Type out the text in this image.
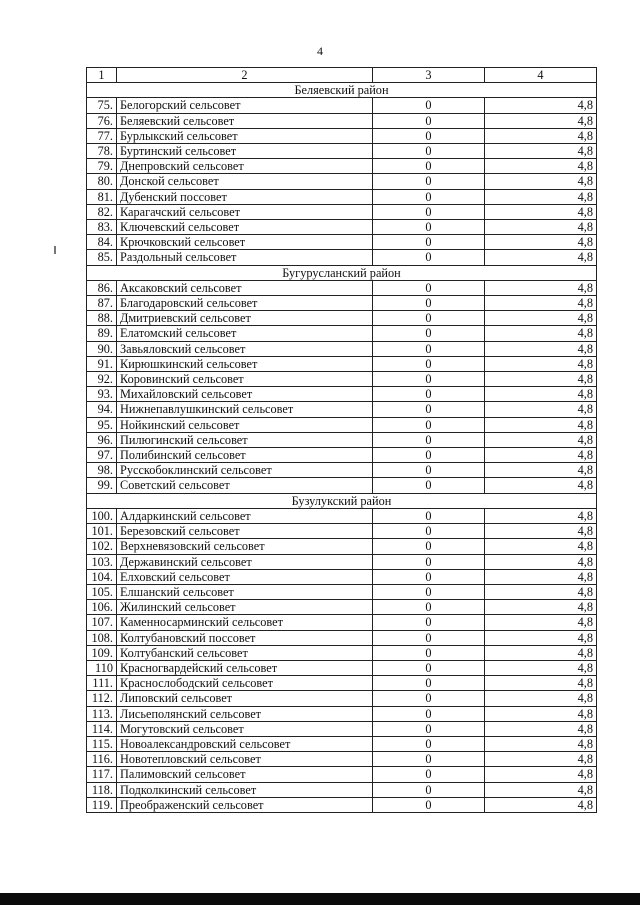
4
1	2	3	4
Беляевский район			
75.	Белогорский сельсовет	0	4,8
76.	Беляевский сельсовет	0	4,8
77.	Бурлыкский сельсовет	0	4,8
78.	Буртинский сельсовет	0	4,8
79.	Днепровский сельсовет	0	4,8
80.	Донской сельсовет	0	4,8
81.	Дубенский поссовет	0	4,8
82.	Карагачский сельсовет	0	4,8
83.	Ключевский сельсовет	0	4,8
84.	Крючковский сельсовет	0	4,8
85.	Раздольный сельсовет	0	4,8
Бугурусланский район			
86.	Аксаковский сельсовет	0	4,8
87.	Благодаровский сельсовет	0	4,8
88.	Дмитриевский сельсовет	0	4,8
89.	Елатомский сельсовет	0	4,8
90.	Завьяловский сельсовет	0	4,8
91.	Кирюшкинский сельсовет	0	4,8
92.	Коровинский сельсовет	0	4,8
93.	Михайловский сельсовет	0	4,8
94.	Нижнепавлушкинский сельсовет	0	4,8
95.	Нойкинский сельсовет	0	4,8
96.	Пилюгинский сельсовет	0	4,8
97.	Полибинский сельсовет	0	4,8
98.	Русскобоклинский сельсовет	0	4,8
99.	Советский сельсовет	0	4,8
Бузулукский район			
100.	Алдаркинский сельсовет	0	4,8
101.	Березовский сельсовет	0	4,8
102.	Верхневязовский сельсовет	0	4,8
103.	Державинский сельсовет	0	4,8
104.	Елховский сельсовет	0	4,8
105.	Елшанский сельсовет	0	4,8
106.	Жилинский сельсовет	0	4,8
107.	Каменносарминский сельсовет	0	4,8
108.	Колтубановский поссовет	0	4,8
109.	Колтубанский сельсовет	0	4,8
110	Красногвардейский сельсовет	0	4,8
111.	Краснослободский сельсовет	0	4,8
112.	Липовский сельсовет	0	4,8
113.	Лисьеполянский сельсовет	0	4,8
114.	Могутовский сельсовет	0	4,8
115.	Новоалександровский сельсовет	0	4,8
116.	Новотепловский сельсовет	0	4,8
117.	Палимовский сельсовет	0	4,8
118.	Подколкинский сельсовет	0	4,8
119.	Преображенский сельсовет	0	4,8
